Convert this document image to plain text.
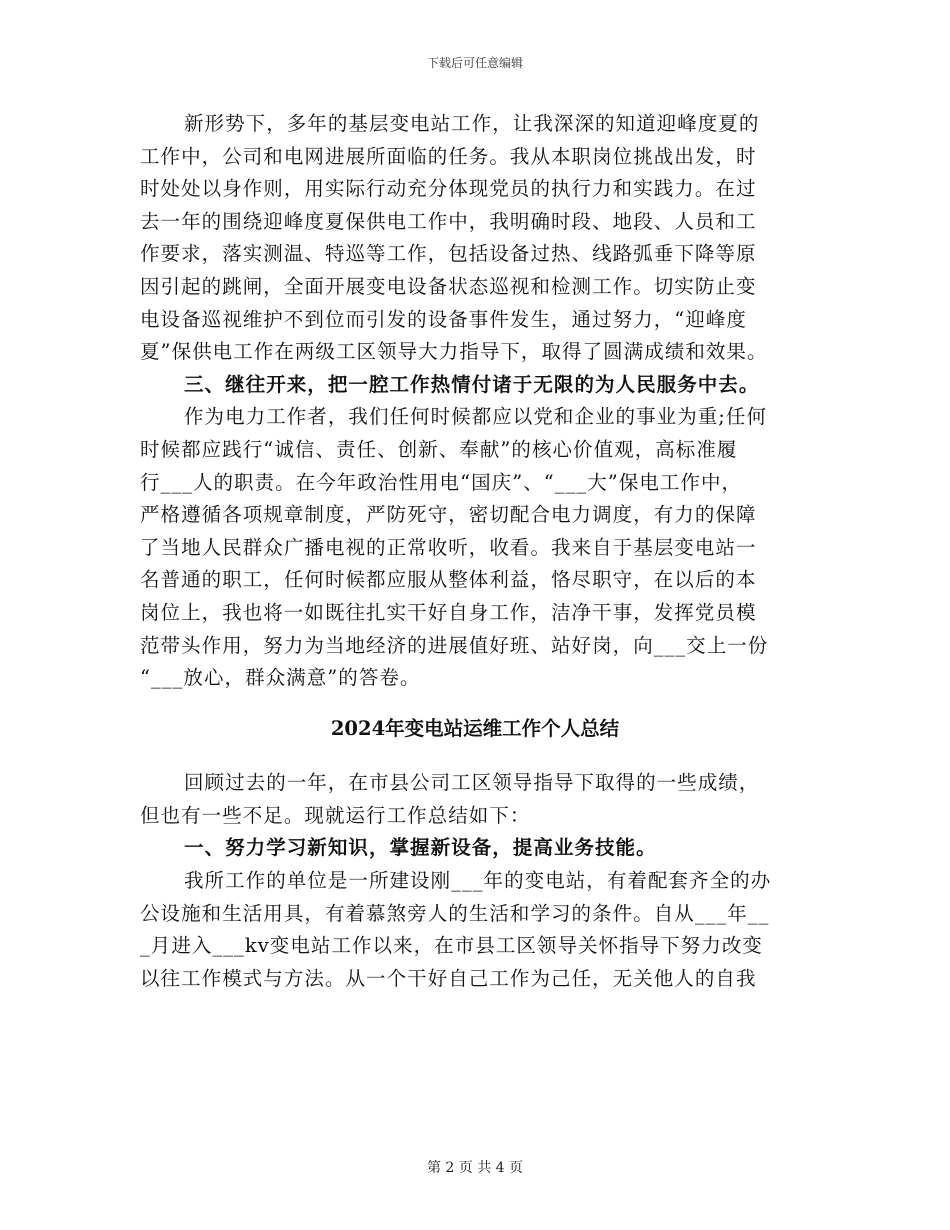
下载后可任意编辑
新形势下，多年的基层变电站工作，让我深深的知道迎峰度夏的
工作中，公司和电网进展所面临的任务。我从本职岗位挑战出发，时
时处处以身作则，用实际行动充分体现党员的执行力和实践力。在过
去一年的围绕迎峰度夏保供电工作中，我明确时段、地段、人员和工
作要求，落实测温、特巡等工作，包括设备过热、线路弧垂下降等原
因引起的跳闸，全面开展变电设备状态巡视和检测工作。切实防止变
电设备巡视维护不到位而引发的设备事件发生，通过努力，“迎峰度
夏”保供电工作在两级工区领导大力指导下，取得了圆满成绩和效果。
三、继往开来，把一腔工作热情付诸于无限的为人民服务中去。
作为电力工作者，我们任何时候都应以党和企业的事业为重;任何
时候都应践行“诚信、责任、创新、奉献”的核心价值观，高标准履
行___人的职责。在今年政治性用电“国庆”、“___大”保电工作中，
严格遵循各项规章制度，严防死守，密切配合电力调度，有力的保障
了当地人民群众广播电视的正常收听，收看。我来自于基层变电站一
名普通的职工，任何时候都应服从整体利益，恪尽职守，在以后的本
岗位上，我也将一如既往扎实干好自身工作，洁净干事，发挥党员模
范带头作用，努力为当地经济的进展值好班、站好岗，向___交上一份
“___放心，群众满意”的答卷。
2024年变电站运维工作个人总结
回顾过去的一年，在市县公司工区领导指导下取得的一些成绩，
但也有一些不足。现就运行工作总结如下：
一、努力学习新知识，掌握新设备，提高业务技能。
我所工作的单位是一所建设刚___年的变电站，有着配套齐全的办
公设施和生活用具，有着慕煞旁人的生活和学习的条件。自从___年__
_月进入___kv变电站工作以来，在市县工区领导关怀指导下努力改变
以往工作模式与方法。从一个干好自己工作为己任，无关他人的自我
第 2 页 共 4 页
